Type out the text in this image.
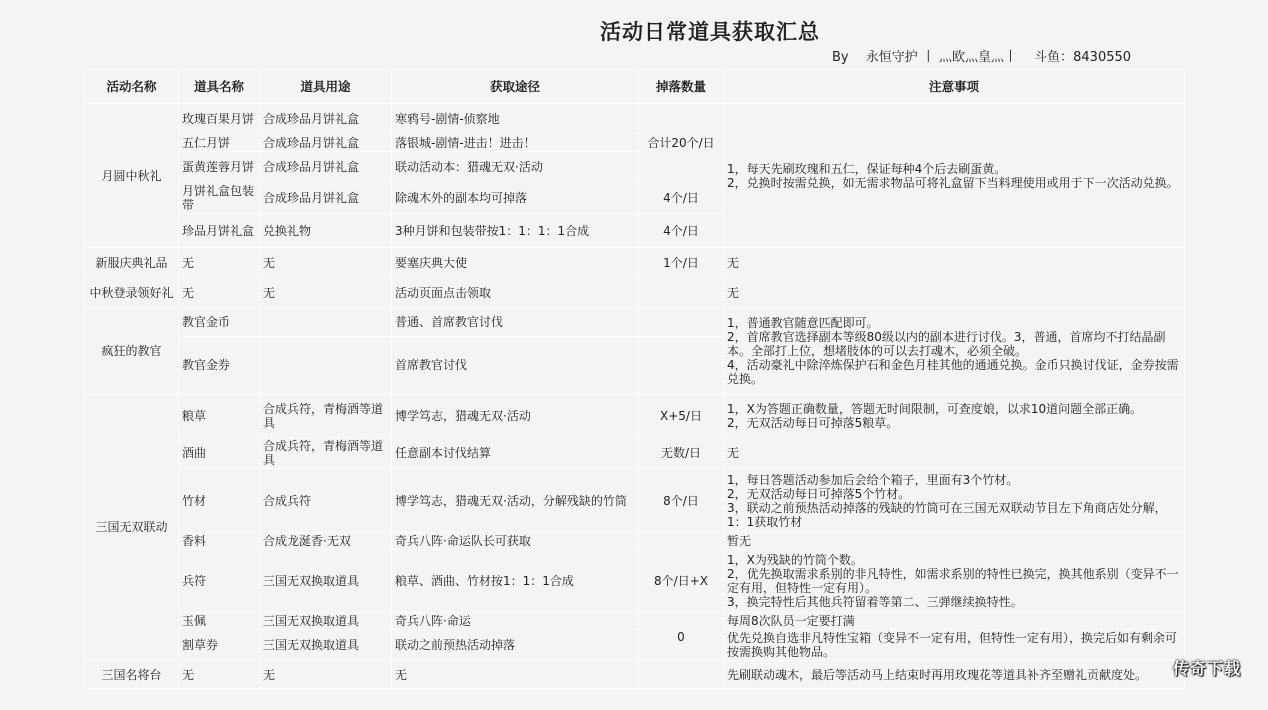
活动日常道具获取汇总
By　 永恒守护 丨 灬欧灬皇灬丨　 斗鱼：8430550
活动名称	道具名称	道具用途	获取途径	掉落数量	注意事项
月圆中秋礼	玫瑰百果月饼	合成珍品月饼礼盒	寒鸦号-剧情-侦察地	合计20个/日	1，每天先刷玫瑰和五仁，保证每种4个后去刷蛋黄。
2，兑换时按需兑换，如无需求物品可将礼盒留下当料理使用或用于下一次活动兑换。
	五仁月饼	合成珍品月饼礼盒	落银城-剧情-进击！进击！		
	蛋黄莲蓉月饼	合成珍品月饼礼盒	联动活动本：猎魂无双·活动		
	月饼礼盒包装带	合成珍品月饼礼盒	除魂木外的副本均可掉落	4个/日	
	珍品月饼礼盒	兑换礼物	3种月饼和包装带按1：1：1：1合成	4个/日	
新服庆典礼品	无	无	要塞庆典大使	1个/日	无
中秋登录领好礼	无	无	活动页面点击领取		无
疯狂的教官	教官金币		普通、首席教官讨伐		1，普通教官随意匹配即可。
2，首席教官选择副本等级80级以内的副本进行讨伐。3，普通，首席均不打结晶副本。全部打上位，想堵肢体的可以去打魂木，必须全破。
4，活动豪礼中除淬炼保护石和金色月桂其他的通通兑换。金币只换讨伐证，金券按需兑换。
	教官金券		首席教官讨伐		
三国无双联动	粮草	合成兵符，青梅酒等道具	博学笃志，猎魂无双·活动	X+5/日	1，X为答题正确数量，答题无时间限制，可查度娘，以求10道问题全部正确。
2，无双活动每日可掉落5粮草。
	酒曲	合成兵符，青梅酒等道具	任意副本讨伐结算	无数/日	无
	竹材	合成兵符	博学笃志，猎魂无双·活动，分解残缺的竹筒	8个/日	1，每日答题活动参加后会给个箱子，里面有3个竹材。
2，无双活动每日可掉落5个竹材。
3，联动之前预热活动掉落的残缺的竹筒可在三国无双联动节目左下角商店处分解，1：1获取竹材
	香料	合成龙涎香·无双	奇兵八阵·命运队长可获取		暂无
	兵符	三国无双换取道具	粮草、酒曲、竹材按1：1：1合成	8个/日+X	1，X为残缺的竹筒个数。
2，优先换取需求系别的非凡特性，如需求系别的特性已换完，换其他系别（变异不一定有用，但特性一定有用）。
3，换完特性后其他兵符留着等第二、三弹继续换特性。
	玉佩	三国无双换取道具	奇兵八阵·命运	0	每周8次队员一定要打满
	割草券	三国无双换取道具	联动之前预热活动掉落		优先兑换自选非凡特性宝箱（变异不一定有用，但特性一定有用），换完后如有剩余可按需换购其他物品。
三国名将台	无	无	无		先刷联动魂木，最后等活动马上结束时再用玫瑰花等道具补齐至赠礼贡献度处。 传奇下载
